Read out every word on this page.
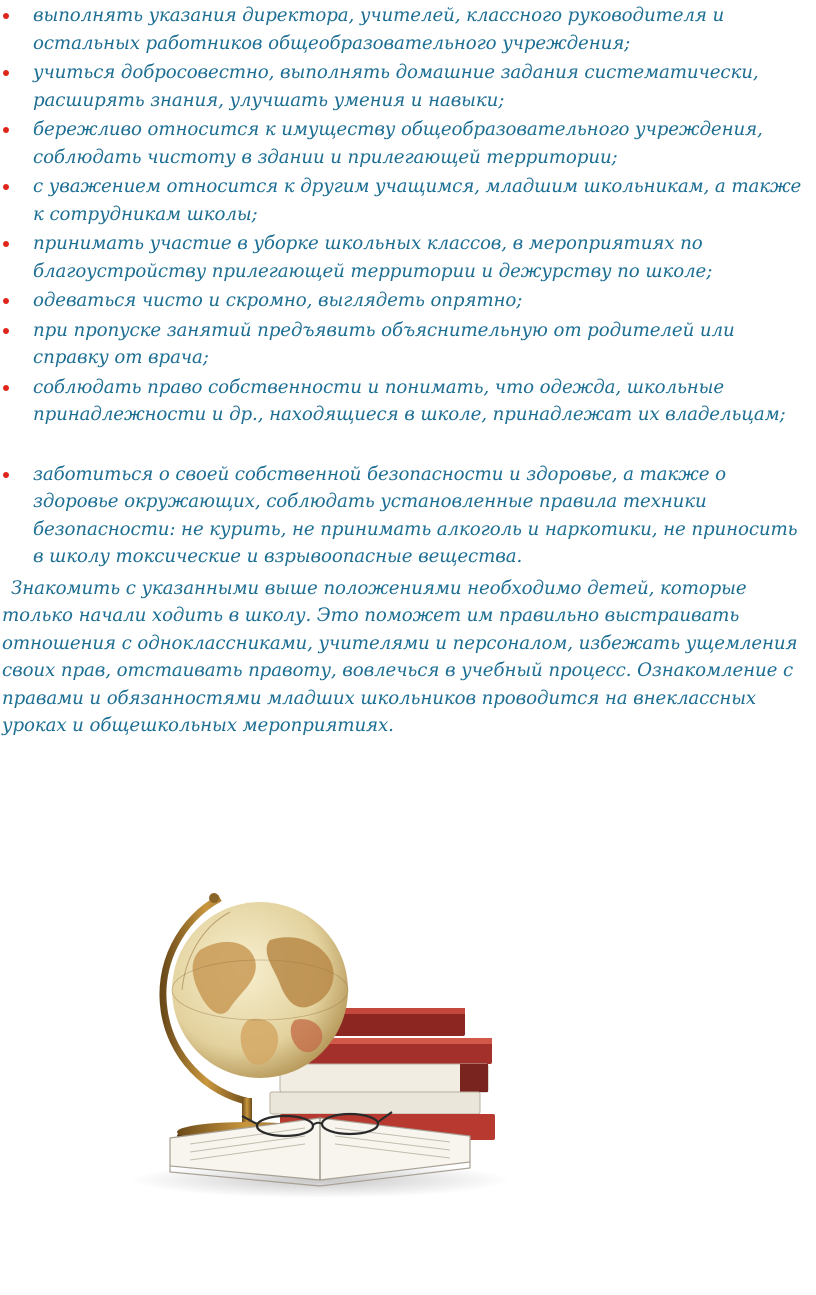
выполнять указания директора, учителей, классного руководителя и остальных работников общеобразовательного учреждения;
учиться добросовестно, выполнять домашние задания систематически, расширять знания, улучшать умения и навыки;
бережливо относится к имуществу общеобразовательного учреждения, соблюдать чистоту в здании и прилегающей территории;
с уважением относится к другим учащимся, младшим школьникам, а также к сотрудникам школы;
принимать участие в уборке школьных классов, в мероприятиях по благоустройству прилегающей территории и дежурству по школе;
одеваться чисто и скромно, выглядеть опрятно;
при пропуске занятий предъявить объяснительную от родителей или справку от врача;
соблюдать право собственности и понимать, что одежда, школьные принадлежности и др., находящиеся в школе, принадлежат их владельцам;
заботиться о своей собственной безопасности и здоровье, а также о здоровье окружающих, соблюдать установленные правила техники безопасности: не курить, не принимать алкоголь и наркотики, не приносить в школу токсические и взрывоопасные вещества.

Знакомить с указанными выше положениями необходимо детей, которые только начали ходить в школу. Это поможет им правильно выстраивать отношения с одноклассниками, учителями и персоналом, избежать ущемления своих прав, отстаивать правоту, вовлечься в учебный процесс. Ознакомление с правами и обязанностями младших школьников проводится на внеклассных уроках и общешкольных мероприятиях.
